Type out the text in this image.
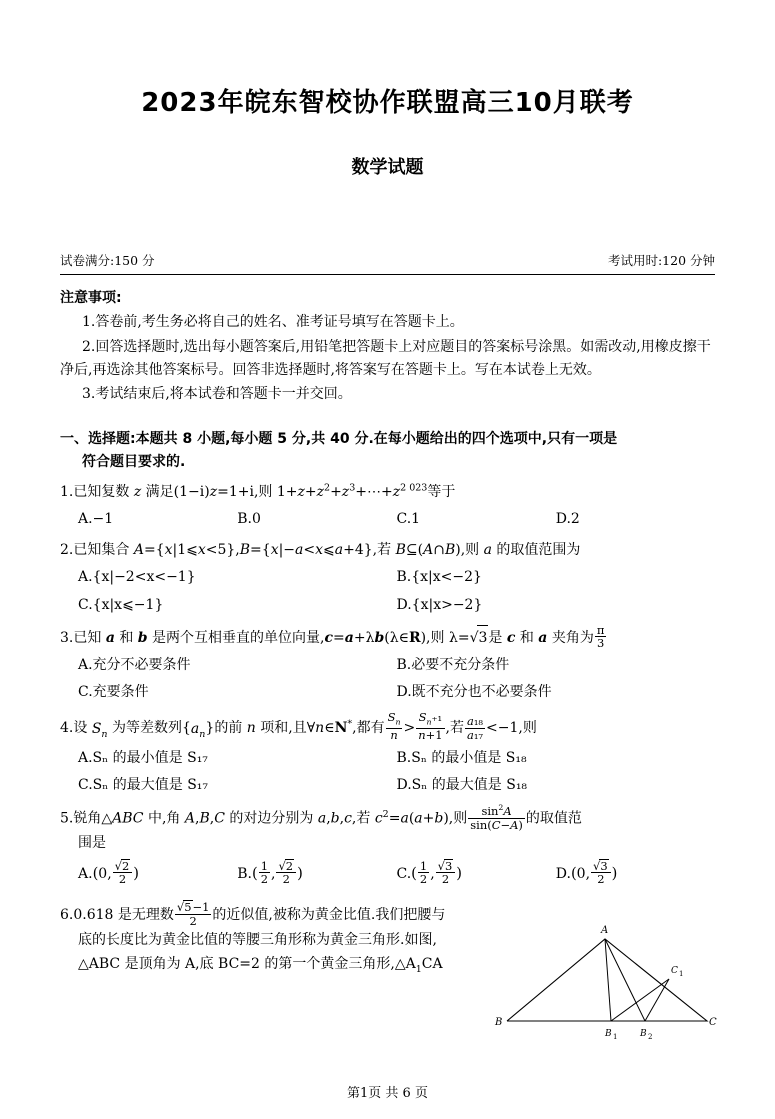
2023年皖东智校协作联盟高三10月联考
数学试题
试卷满分:150 分	考试用时:120 分钟
注意事项:

1.答卷前,考生务必将自己的姓名、准考证号填写在答题卡上。

2.回答选择题时,选出每小题答案后,用铅笔把答题卡上对应题目的答案标号涂黑。如需改动,用橡皮擦干净后,再选涂其他答案标号。回答非选择题时,将答案写在答题卡上。写在本试卷上无效。

3.考试结束后,将本试卷和答题卡一并交回。

一、选择题:本题共 8 小题,每小题 5 分,共 40 分.在每小题给出的四个选项中,只有一项是
符合题目要求的.
1.已知复数 z 满足(1−i)z=1+i,则 $1+z+z^2+z^3+\cdots+z^{2 023}$等于
A.−1	B.0	C.1	D.2
2.已知集合 A={x|1⩽x<5},B={x|−a<x⩽a+4},若 B⊆(A∩B),则 a 的取值范围为
A.{x|−2<x<−1}	B.{x|x<−2}
C.{x|x⩽−1}	D.{x|x>−2}
3.已知 a 和 b 是两个互相垂直的单位向量,c=a+λb(λ∈R),则 λ=√3是 c 和 a 夹角为 $\frac{\pi}{3}$
A.充分不必要条件	B.必要不充分条件
C.充要条件	D.既不充分也不必要条件
4.设 $S_n$ 为等差数列$\{a_n\}$的前 n 项和,且∀n∈N*,都有 $\frac{S_n}{n} > \frac{S_n_{+1}}{n+1}$ ,若 $\frac{\text{a₁₈}}{\text{a₁₇}} <-1$,则
A.Sₙ 的最小值是 S₁₇	B.Sₙ 的最小值是 S₁₈
C.Sₙ 的最大值是 S₁₇	D.Sₙ 的最大值是 S₁₈
5.锐角△ABC 中,角 A,B,C 的对边分别为 a,b,c,若 $c^2=a(a+b)$,则 $\frac{\sin^2A}{\sin(C-A)}$ 的取值范
围是
A.(0, $\frac{√2}{2}$ )	$B.( \frac{1}{2}$ , $\frac{√2}{2}$ )	$C.( \frac{1}{2}$ , $\frac{√3}{2}$ )	D.(0, $\frac{√3}{2}$ )
6.0.618 是无理数 $\frac{√5-1}{2}$ 的近似值,被称为黄金比值.我们把腰与
底的长度比为黄金比值的等腰三角形称为黄金三角形.如图,
△ABC 是顶角为 A,底 BC=2 的第一个黄金三角形$,\triangle A_1CA$
A
B	C
C 1
B 1	B 2
第1页 共 6 页
